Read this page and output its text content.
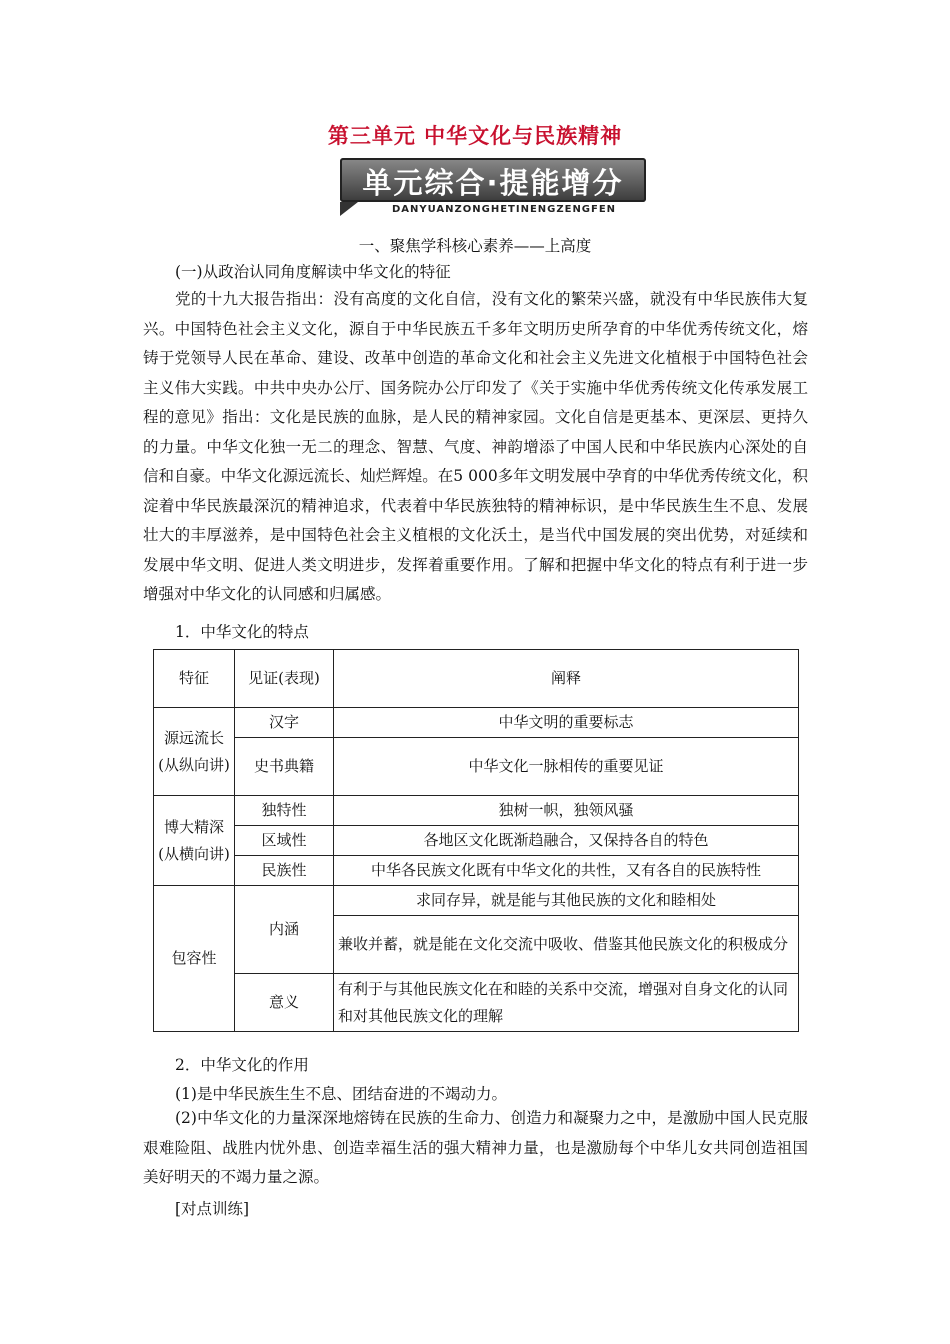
第三单元 中华文化与民族精神
单元综合·提能增分
DANYUANZONGHETINENGZENGFEN
一、聚焦学科核心素养——上高度
(一)从政治认同角度解读中华文化的特征
党的十九大报告指出：没有高度的文化自信，没有文化的繁荣兴盛，就没有中华民族伟大复兴。中国特色社会主义文化，源自于中华民族五千多年文明历史所孕育的中华优秀传统文化，熔铸于党领导人民在革命、建设、改革中创造的革命文化和社会主义先进文化植根于中国特色社会主义伟大实践。中共中央办公厅、国务院办公厅印发了《关于实施中华优秀传统文化传承发展工程的意见》指出：文化是民族的血脉，是人民的精神家园。文化自信是更基本、更深层、更持久的力量。中华文化独一无二的理念、智慧、气度、神韵增添了中国人民和中华民族内心深处的自信和自豪。中华文化源远流长、灿烂辉煌。在5 000多年文明发展中孕育的中华优秀传统文化，积淀着中华民族最深沉的精神追求，代表着中华民族独特的精神标识，是中华民族生生不息、发展壮大的丰厚滋养，是中国特色社会主义植根的文化沃土，是当代中国发展的突出优势，对延续和发展中华文明、促进人类文明进步，发挥着重要作用。了解和把握中华文化的特点有利于进一步增强对中华文化的认同感和归属感。
1．中华文化的特点
特征	见证(表现)	阐释
源远流长(从纵向讲)	汉字	中华文明的重要标志
	史书典籍	中华文化一脉相传的重要见证
博大精深(从横向讲)	独特性	独树一帜，独领风骚
	区域性	各地区文化既渐趋融合，又保持各自的特色
	民族性	中华各民族文化既有中华文化的共性，又有各自的民族特性
包容性	内涵	求同存异，就是能与其他民族的文化和睦相处
		兼收并蓄，就是能在文化交流中吸收、借鉴其他民族文化的积极成分
	意义	有利于与其他民族文化在和睦的关系中交流，增强对自身文化的认同和对其他民族文化的理解
2．中华文化的作用
(1)是中华民族生生不息、团结奋进的不竭动力。
(2)中华文化的力量深深地熔铸在民族的生命力、创造力和凝聚力之中，是激励中国人民克服艰难险阻、战胜内忧外患、创造幸福生活的强大精神力量，也是激励每个中华儿女共同创造祖国美好明天的不竭力量之源。
[对点训练]
